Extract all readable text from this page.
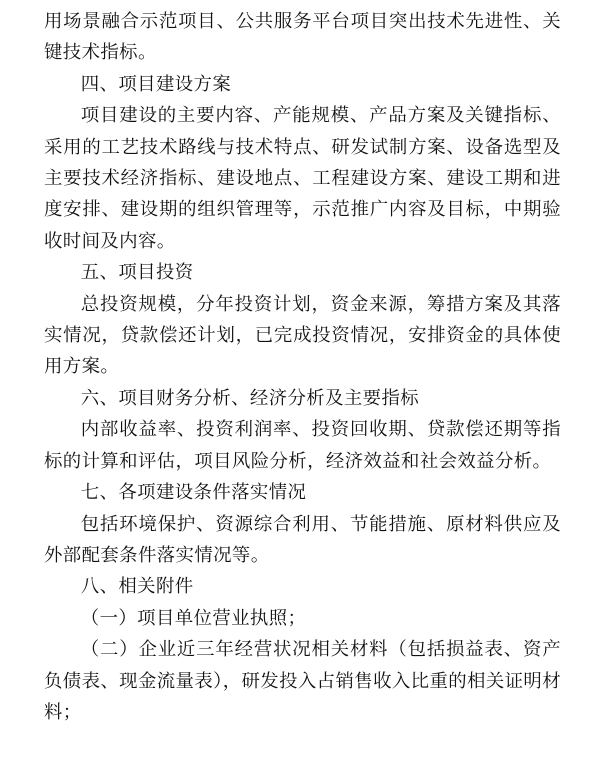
用场景融合示范项目、公共服务平台项目突出技术先进性、关键技术指标。

四、项目建设方案

项目建设的主要内容、产能规模、产品方案及关键指标、采用的工艺技术路线与技术特点、研发试制方案、设备选型及主要技术经济指标、建设地点、工程建设方案、建设工期和进度安排、建设期的组织管理等，示范推广内容及目标，中期验收时间及内容。

五、项目投资

总投资规模，分年投资计划，资金来源，筹措方案及其落实情况，贷款偿还计划，已完成投资情况，安排资金的具体使用方案。

六、项目财务分析、经济分析及主要指标

内部收益率、投资利润率、投资回收期、贷款偿还期等指标的计算和评估，项目风险分析，经济效益和社会效益分析。

七、各项建设条件落实情况

包括环境保护、资源综合利用、节能措施、原材料供应及外部配套条件落实情况等。

八、相关附件

（一）项目单位营业执照；

（二）企业近三年经营状况相关材料（包括损益表、资产负债表、现金流量表），研发投入占销售收入比重的相关证明材料；
